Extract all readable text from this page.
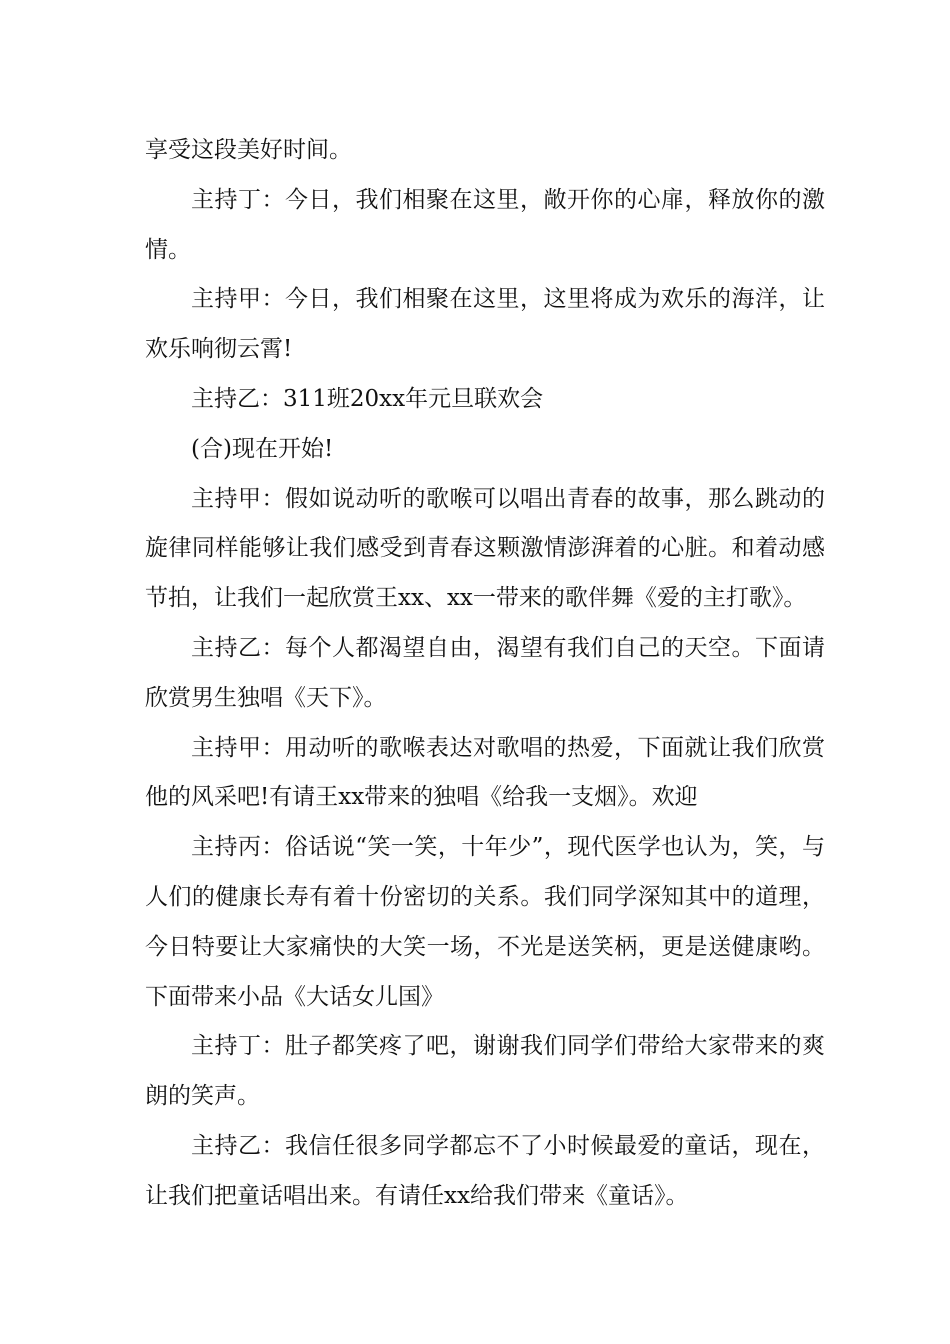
享受这段美好时间。

主持丁：今日，我们相聚在这里，敞开你的心扉，释放你的激情。

主持甲：今日，我们相聚在这里，这里将成为欢乐的海洋，让欢乐响彻云霄!

主持乙：311班20xx年元旦联欢会

(合)现在开始!

主持甲：假如说动听的歌喉可以唱出青春的故事，那么跳动的旋律同样能够让我们感受到青春这颗激情澎湃着的心脏。和着动感节拍，让我们一起欣赏王xx、xx一带来的歌伴舞《爱的主打歌》。

主持乙：每个人都渴望自由，渴望有我们自己的天空。下面请欣赏男生独唱《天下》。

主持甲：用动听的歌喉表达对歌唱的热爱，下面就让我们欣赏他的风采吧!有请王xx带来的独唱《给我一支烟》。欢迎

主持丙：俗话说“笑一笑，十年少”，现代医学也认为，笑，与人们的健康长寿有着十份密切的关系。我们同学深知其中的道理，今日特要让大家痛快的大笑一场，不光是送笑柄，更是送健康哟。下面带来小品《大话女儿国》

主持丁：肚子都笑疼了吧，谢谢我们同学们带给大家带来的爽朗的笑声。

主持乙：我信任很多同学都忘不了小时候最爱的童话，现在，让我们把童话唱出来。有请任xx给我们带来《童话》。
